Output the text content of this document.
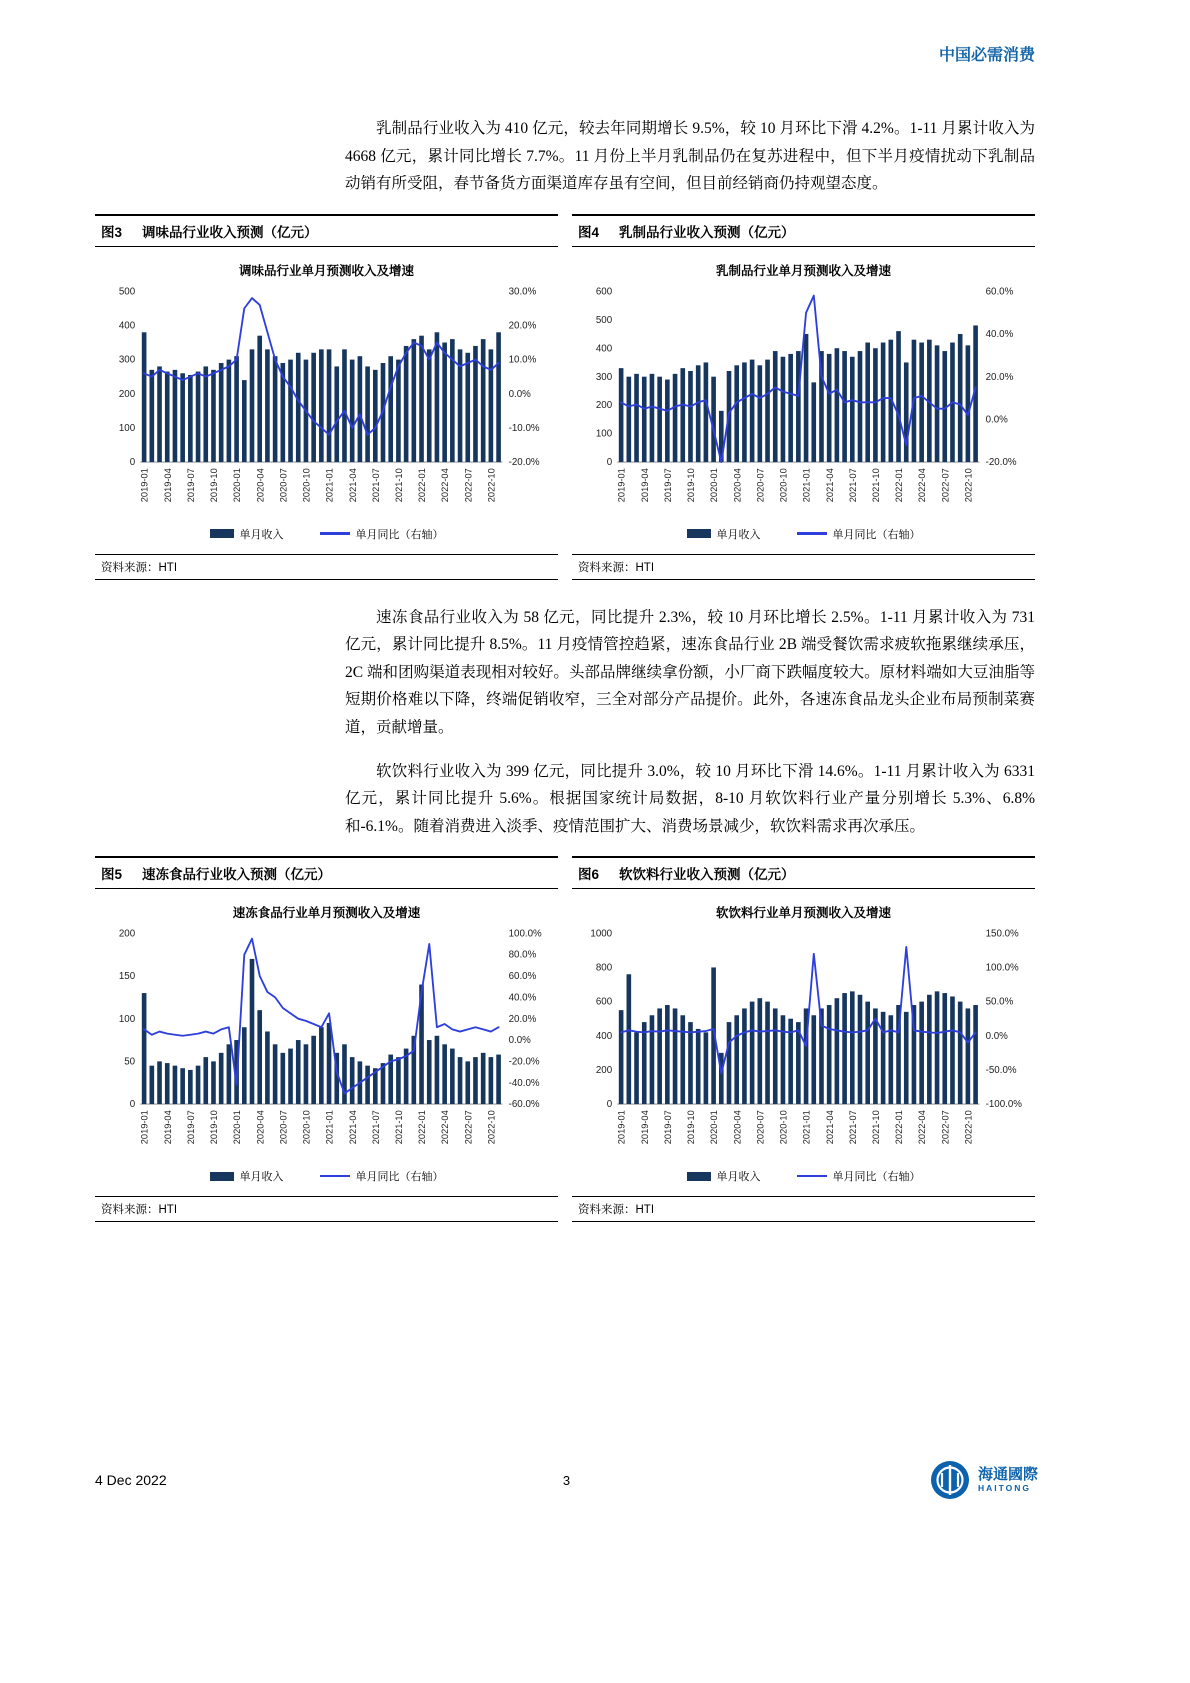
中国必需消费

乳制品行业收入为 410 亿元，较去年同期增长 9.5%，较 10 月环比下滑 4.2%。1-11 月累计收入为 4668 亿元，累计同比增长 7.7%。11 月份上半月乳制品仍在复苏进程中，但下半月疫情扰动下乳制品动销有所受阻，春节备货方面渠道库存虽有空间，但目前经销商仍持观望态度。

图3 调味品行业收入预测（亿元）
调味品行业单月预测收入及增速
0
100
200
300
400
500	30.0%
20.0%
10.0%
0.0%
-10.0%
-20.0%
2019-01 2019-04 2019-07 2019-10 2020-01 2020-04 2020-07 2020-10 2021-01 2021-04 2021-07 2021-10 2022-01 2022-04 2022-07 2022-10
单月收入	单月同比（右轴）
资料来源：HTI
图4 乳制品行业收入预测（亿元）
乳制品行业单月预测收入及增速
0
100
200
300
400
500
600	60.0%
40.0%
20.0%
0.0%
-20.0%
2019-01 2019-04 2019-07 2019-10 2020-01 2020-04 2020-07 2020-10 2021-01 2021-04 2021-07 2021-10 2022-01 2022-04 2022-07 2022-10
单月收入	单月同比（右轴）
资料来源：HTI

速冻食品行业收入为 58 亿元，同比提升 2.3%，较 10 月环比增长 2.5%。1-11 月累计收入为 731 亿元，累计同比提升 8.5%。11 月疫情管控趋紧，速冻食品行业 2B 端受餐饮需求疲软拖累继续承压，2C 端和团购渠道表现相对较好。头部品牌继续拿份额，小厂商下跌幅度较大。原材料端如大豆油脂等短期价格难以下降，终端促销收窄，三全对部分产品提价。此外，各速冻食品龙头企业布局预制菜赛道，贡献增量。

软饮料行业收入为 399 亿元，同比提升 3.0%，较 10 月环比下滑 14.6%。1-11 月累计收入为 6331 亿元，累计同比提升 5.6%。根据国家统计局数据，8-10 月软饮料行业产量分别增长 5.3%、6.8%和-6.1%。随着消费进入淡季、疫情范围扩大、消费场景减少，软饮料需求再次承压。

图5 速冻食品行业收入预测（亿元）
速冻食品行业单月预测收入及增速
0
50
100
150
200	100.0%
80.0%
60.0%
40.0%
20.0%
0.0%
-20.0%
-40.0%
-60.0%
2019-01 2019-04 2019-07 2019-10 2020-01 2020-04 2020-07 2020-10 2021-01 2021-04 2021-07 2021-10 2022-01 2022-04 2022-07 2022-10
单月收入	单月同比（右轴）
资料来源：HTI
图6 软饮料行业收入预测（亿元）
软饮料行业单月预测收入及增速
0
200
400
600
800
1000	150.0%
100.0%
50.0%
0.0%
-50.0%
-100.0%
2019-01 2019-04 2019-07 2019-10 2020-01 2020-04 2020-07 2020-10 2021-01 2021-04 2021-07 2021-10 2022-01 2022-04 2022-07 2022-10
单月收入	单月同比（右轴）
资料来源：HTI
4 Dec 2022	3	海通國際
HAITONG
